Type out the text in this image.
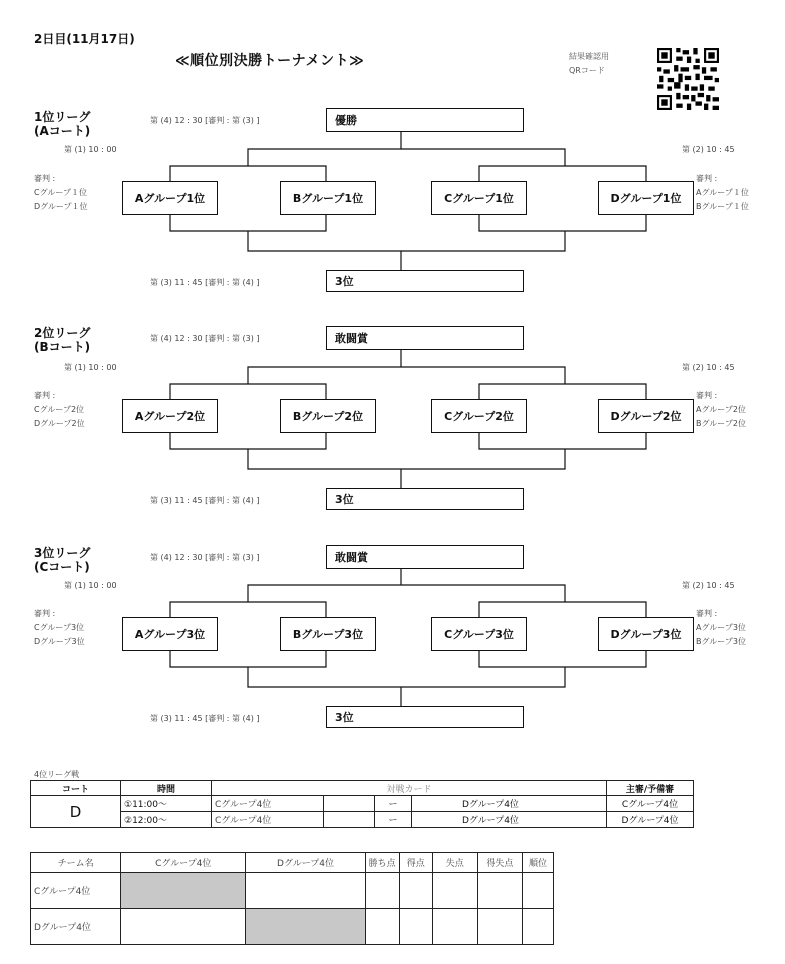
2日目(11月17日)
≪順位別決勝トーナメント≫	結果確認用
QRコード
1位リーグ
(Aコート)
第 (4) 12 : 30 [審判 : 第 (3) ]	優勝
第 (1) 10 : 00	第 (2) 10 : 45
審判 :
Cグループ１位
Dグループ１位
審判 :
Aグループ１位
Bグループ１位
Aグループ1位	Bグループ1位	Cグループ1位	Dグループ1位
第 (3) 11 : 45 [審判 : 第 (4) ]	3位
2位リーグ
(Bコート)
第 (4) 12 : 30 [審判 : 第 (3) ]	敢闘賞
第 (1) 10 : 00	第 (2) 10 : 45
審判 :
Cグループ2位
Dグループ2位
審判 :
Aグループ2位
Bグループ2位
Aグループ2位	Bグループ2位	Cグループ2位	Dグループ2位
第 (3) 11 : 45 [審判 : 第 (4) ]	3位
3位リーグ
(Cコート)
第 (4) 12 : 30 [審判 : 第 (3) ]	敢闘賞
第 (1) 10 : 00	第 (2) 10 : 45
審判 :
Cグループ3位
Dグループ3位
審判 :
Aグループ3位
Bグループ3位
Aグループ3位	Bグループ3位	Cグループ3位	Dグループ3位
第 (3) 11 : 45 [審判 : 第 (4) ]	3位
4位リーグ戦
コート	時間	対戦カード				主審/予備審
D	①11:00～	Cグループ4位		ー	Dグループ4位	Cグループ4位
	②12:00～	Cグループ4位		ー	Dグループ4位	Dグループ4位
チーム名	Cグループ4位	Dグループ4位	勝ち点	得点	失点	得失点	順位
Cグループ4位							
Dグループ4位							
